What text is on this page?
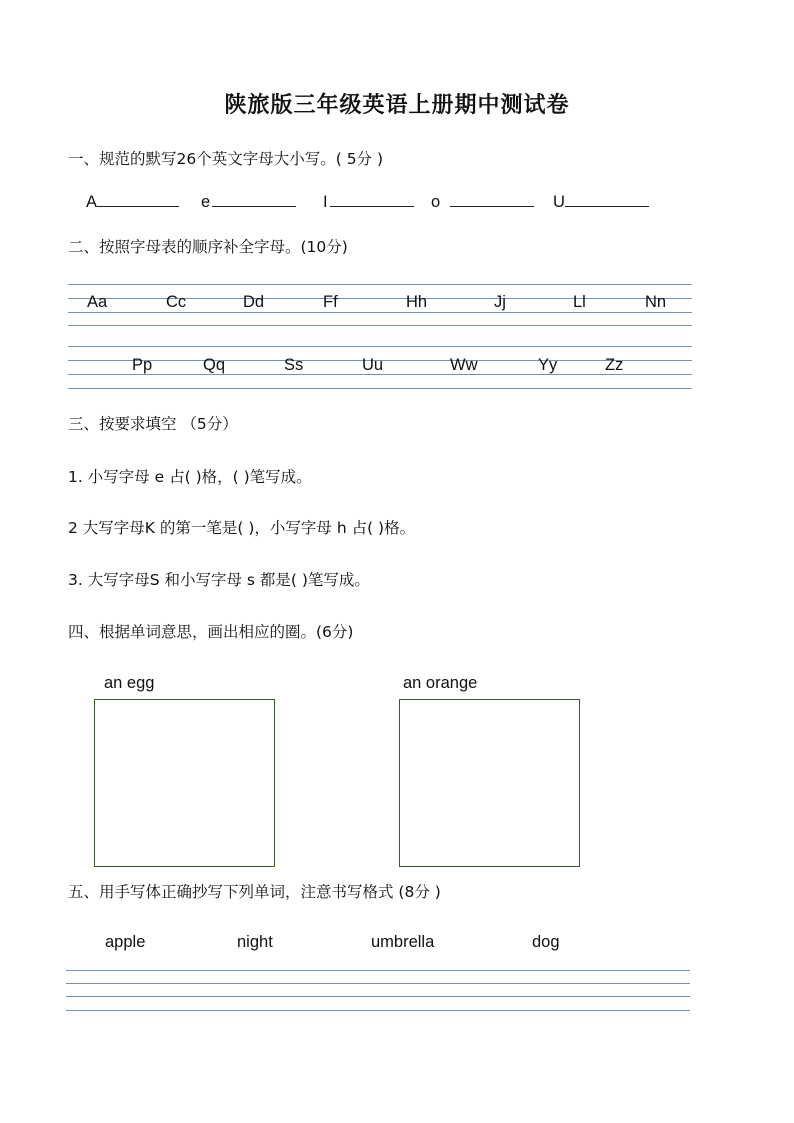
陕旅版三年级英语上册期中测试卷
一、规范的默写26个英文字母大小写。( 5分 )
A	e	I	o	U
二、按照字母表的顺序补全字母。(10分)
Aa	Cc	Dd	Ff	Hh	Jj	Ll	Nn
Pp	Qq	Ss	Uu	Ww	Yy	Zz
三、按要求填空 （5分）
1. 小写字母 e 占( )格，( )笔写成。
2 大写字母K 的第一笔是( )，小写字母 h 占( )格。
3. 大写字母S 和小写字母 s 都是( )笔写成。
四、根据单词意思，画出相应的圈。(6分)
an egg	an orange
五、用手写体正确抄写下列单词，注意书写格式 (8分 )
apple	night	umbrella	dog
